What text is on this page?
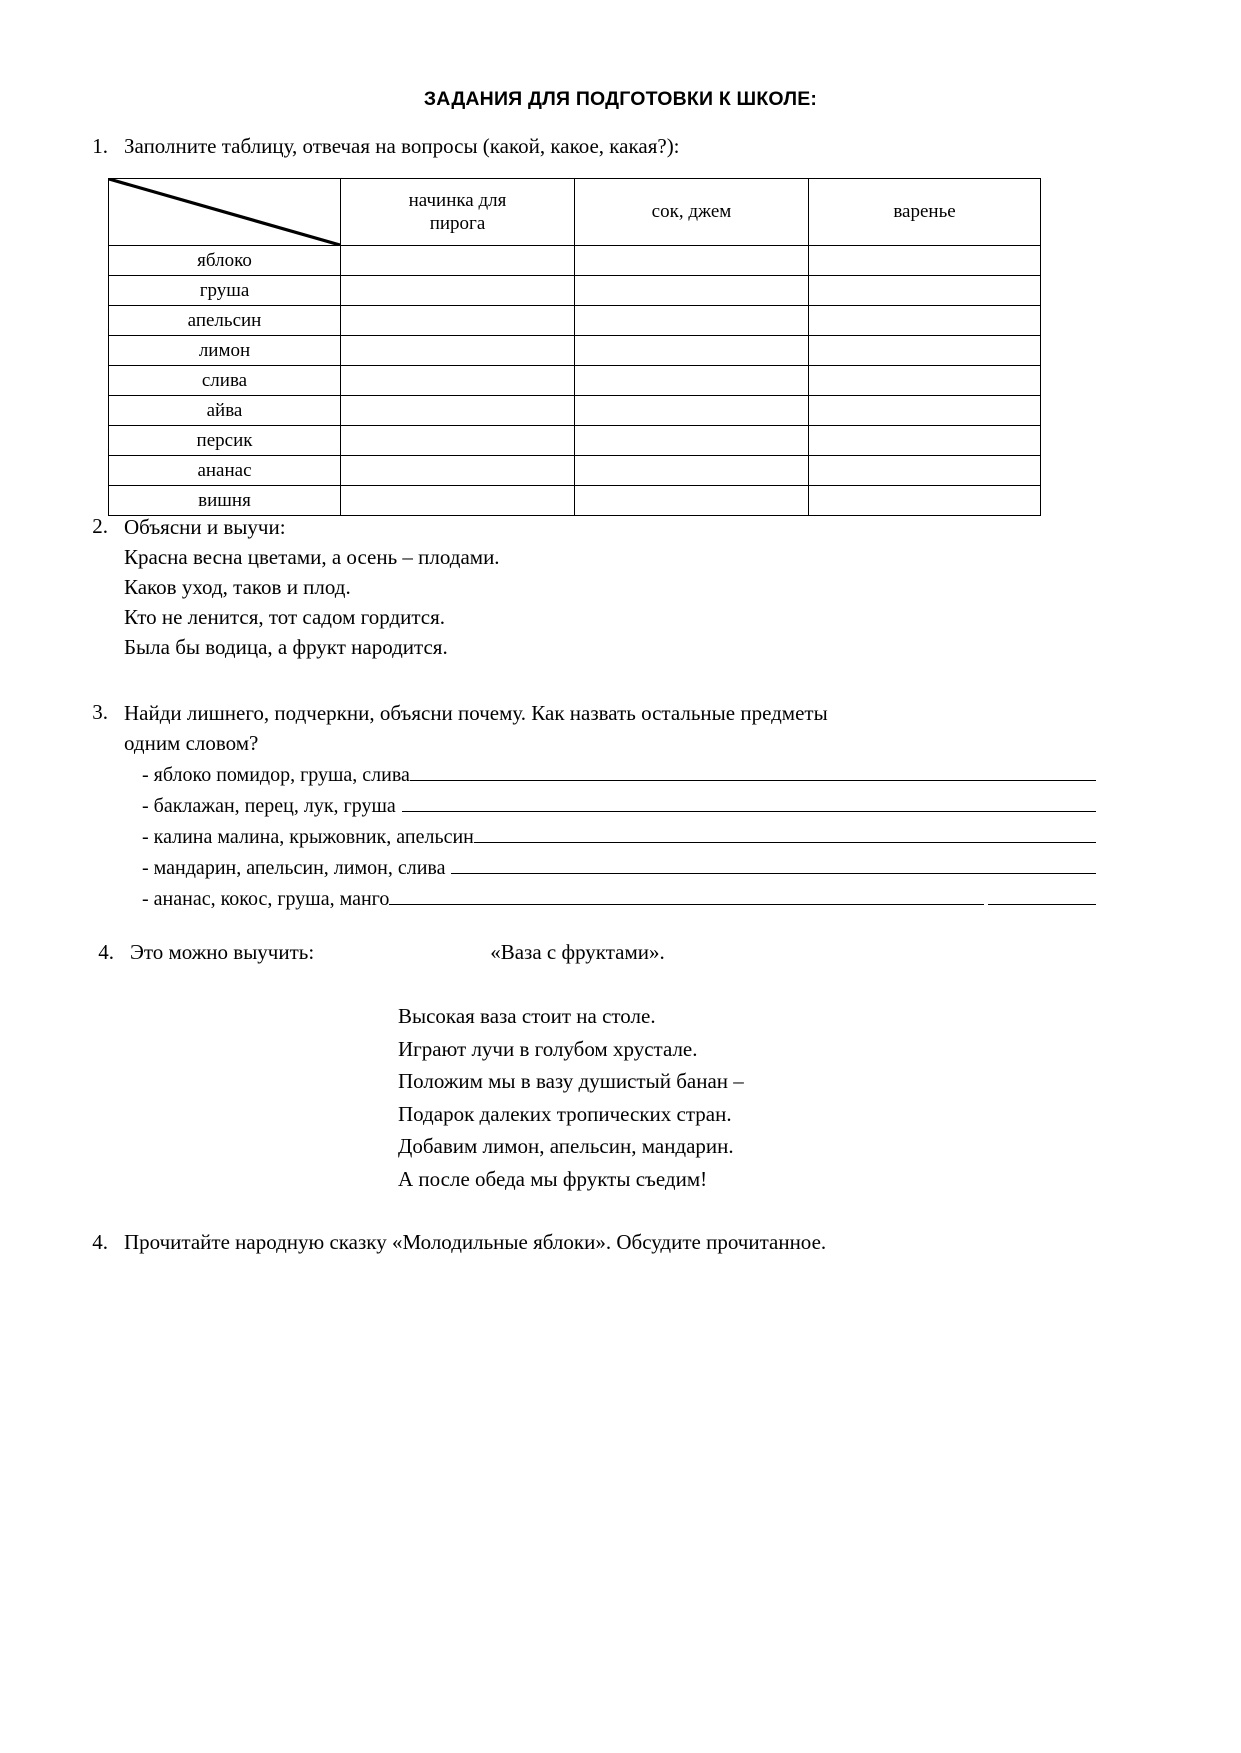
ЗАДАНИЯ ДЛЯ ПОДГОТОВКИ К ШКОЛЕ:
1. Заполните таблицу, отвечая на вопросы (какой, какое, какая?):

начинка для
пирога	сок, джем	варенье
яблоко			
груша			
апельсин			
лимон			
слива			
айва			
персик			
ананас			
вишня			
2. Объясни и выучи:
Красна весна цветами, а осень – плодами.
Каков уход, таков и плод.
Кто не ленится, тот садом гордится.
Была бы водица, а фрукт народится.
3. Найди лишнего, подчеркни, объясни почему. Как назвать остальные предметы
одним словом?
- яблоко помидор, груша, слива
- баклажан, перец, лук, груша
- калина малина, крыжовник, апельсин
- мандарин, апельсин, лимон, слива
- ананас, кокос, груша, манго
4. Это можно выучить:	«Ваза с фруктами».
Высокая ваза стоит на столе.
Играют лучи в голубом хрустале.
Положим мы в вазу душистый банан –
Подарок далеких тропических стран.
Добавим лимон, апельсин, мандарин.
А после обеда мы фрукты съедим!
4. Прочитайте народную сказку «Молодильные яблоки». Обсудите прочитанное.
